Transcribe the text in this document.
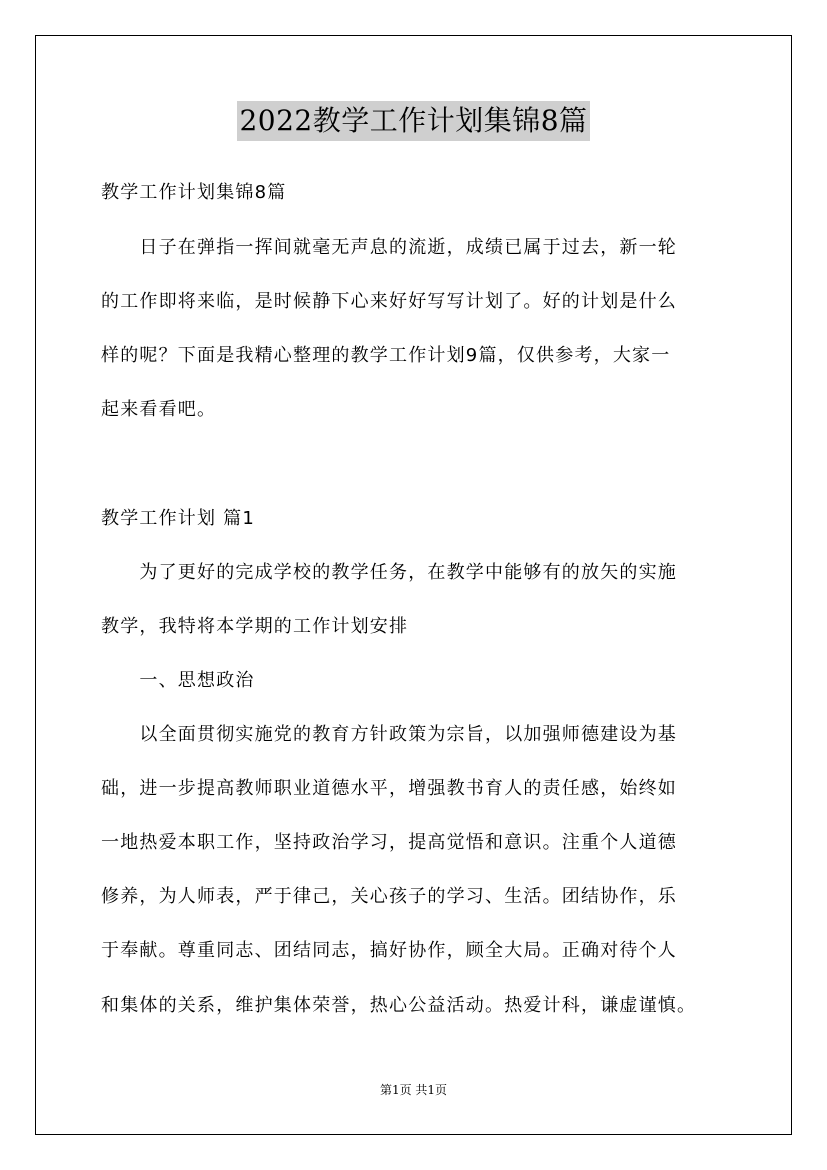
2022教学工作计划集锦8篇
教学工作计划集锦8篇
　　日子在弹指一挥间就毫无声息的流逝，成绩已属于过去，新一轮
的工作即将来临，是时候静下心来好好写写计划了。好的计划是什么
样的呢？下面是我精心整理的教学工作计划9篇，仅供参考，大家一
起来看看吧。
教学工作计划 篇1
　　为了更好的完成学校的教学任务，在教学中能够有的放矢的实施
教学，我特将本学期的工作计划安排
　　一、思想政治
　　以全面贯彻实施党的教育方针政策为宗旨，以加强师德建设为基
础，进一步提高教师职业道德水平，增强教书育人的责任感，始终如
一地热爱本职工作，坚持政治学习，提高觉悟和意识。注重个人道德
修养，为人师表，严于律己，关心孩子的学习、生活。团结协作，乐
于奉献。尊重同志、团结同志，搞好协作，顾全大局。正确对待个人
和集体的关系，维护集体荣誉，热心公益活动。热爱计科，谦虚谨慎。
第1页 共1页
